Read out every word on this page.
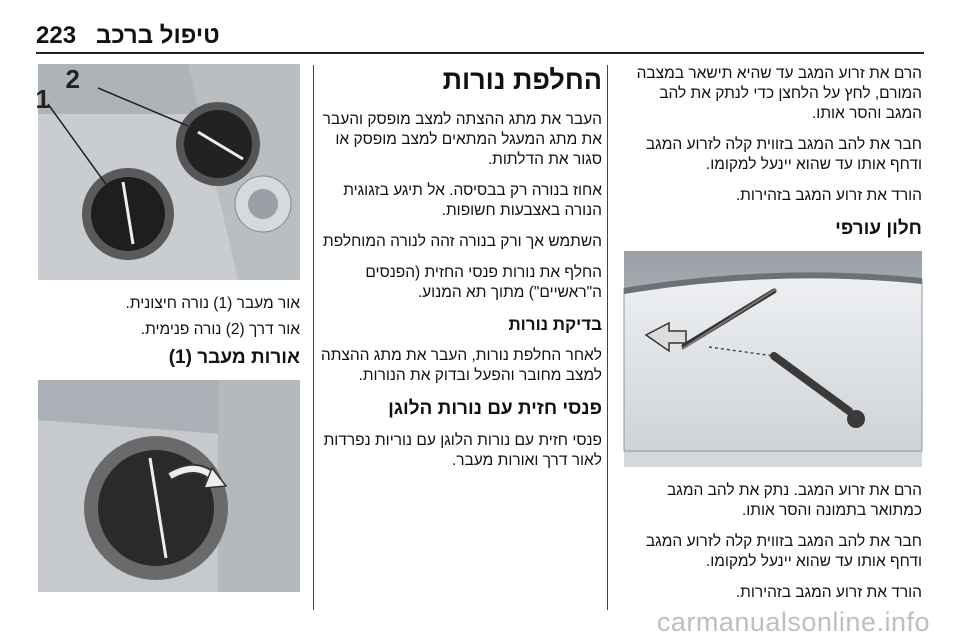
223 טיפול ברכב

הרם את זרוע המגב עד שהיא תישאר במצבה המורם, לחץ על הלחצן כדי לנתק את להב המגב והסר אותו.

חבר את להב המגב בזווית קלה לזרוע המגב ודחף אותו עד שהוא יינעל למקומו.

הורד את זרוע המגב בזהירות.

חלון עורפי

הרם את זרוע המגב. נתק את להב המגב כמתואר בתמונה והסר אותו.

חבר את להב המגב בזווית קלה לזרוע המגב ודחף אותו עד שהוא יינעל למקומו.

הורד את זרוע המגב בזהירות.

החלפת נורות

העבר את מתג ההצתה למצב מופסק והעבר את מתג המעגל המתאים למצב מופסק או סגור את הדלתות.

אחוז בנורה רק בבסיסה. אל תיגע בזגוגית הנורה באצבעות חשופות.

השתמש אך ורק בנורה זהה לנורה המוחלפת

החלף את נורות פנסי החזית (הפנסים ה"ראשיים") מתוך תא המנוע.

בדיקת נורות

לאחר החלפת נורות, העבר את מתג ההצתה למצב מחובר והפעל ובדוק את הנורות.

פנסי חזית עם נורות הלוגן

פנסי חזית עם נורות הלוגן עם נוריות נפרדות לאור דרך ואורות מעבר.

1
2

אור מעבר (1) נורה חיצונית.

אור דרך (2) נורה פנימית.

אורות מעבר (1)
carmanualsonline.info
